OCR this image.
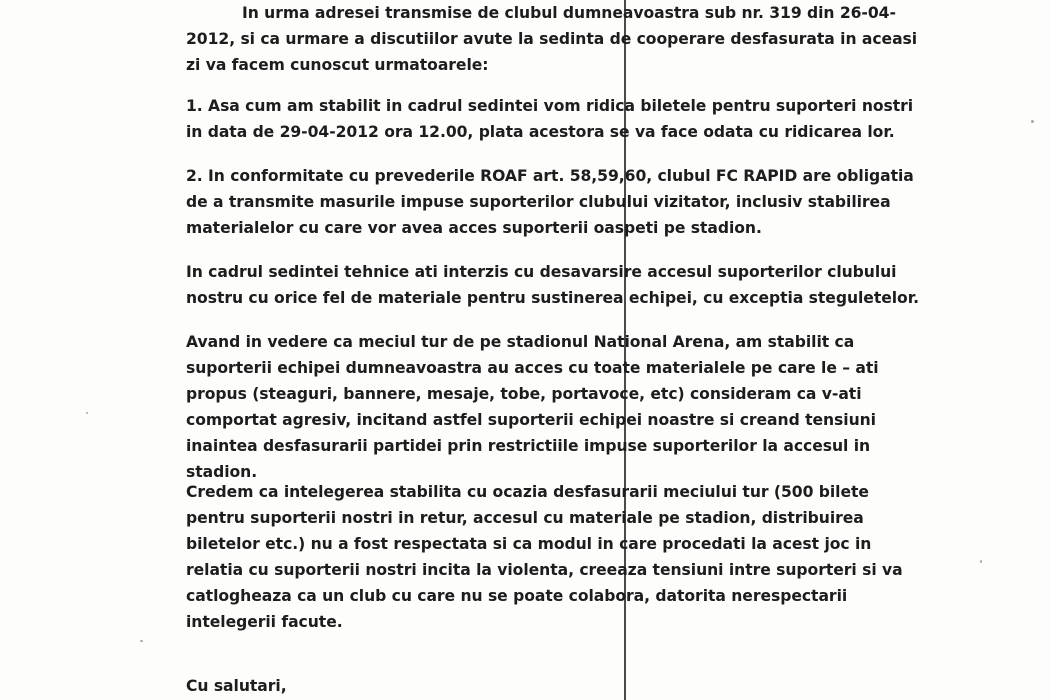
In urma adresei transmise de clubul dumneavoastra sub nr. 319 din 26-04-2012, si ca urmare a discutiilor avute la sedinta de cooperare desfasurata in aceasi zi va facem cunoscut urmatoarele:

1. Asa cum am stabilit in cadrul sedintei vom ridica biletele pentru suporteri nostri in data de 29-04-2012 ora 12.00, plata acestora se va face odata cu ridicarea lor.

2. In conformitate cu prevederile ROAF art. 58,59,60, clubul FC RAPID are obligatia de a transmite masurile impuse suporterilor clubului vizitator, inclusiv stabilirea materialelor cu care vor avea acces suporterii oaspeti pe stadion.

In cadrul sedintei tehnice ati interzis cu desavarsire accesul suporterilor clubului nostru cu orice fel de materiale pentru sustinerea echipei, cu exceptia steguletelor.

Avand in vedere ca meciul tur de pe stadionul National Arena, am stabilit ca suporterii echipei dumneavoastra au acces cu toate materialele pe care le – ati propus (steaguri, bannere, mesaje, tobe, portavoce, etc) consideram ca v-ati comportat agresiv, incitand astfel suporterii echipei noastre si creand tensiuni inaintea desfasurarii partidei prin restrictiile impuse suporterilor la accesul in stadion.

Credem ca intelegerea stabilita cu ocazia desfasurarii meciului tur (500 bilete pentru suporterii nostri in retur, accesul cu materiale pe stadion, distribuirea biletelor etc.) nu a fost respectata si ca modul in care procedati la acest joc in relatia cu suporterii nostri incita la violenta, creeaza tensiuni intre suporteri si va catlogheaza ca un club cu care nu se poate colabora, datorita nerespectarii intelegerii facute.

Cu salutari,
